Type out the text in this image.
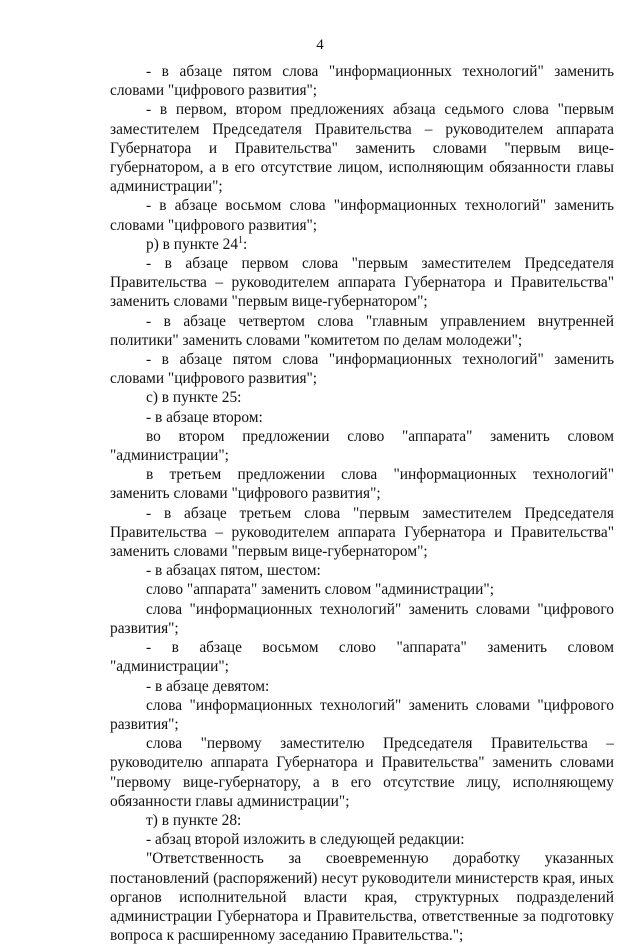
4

- в абзаце пятом слова "информационных технологий" заменить словами "цифрового развития";

- в первом, втором предложениях абзаца седьмого слова "первым заместителем Председателя Правительства – руководителем аппарата Губернатора и Правительства" заменить словами "первым вице-губернатором, а в его отсутствие лицом, исполняющим обязанности главы администрации";

- в абзаце восьмом слова "информационных технологий" заменить словами "цифрового развития";

р) в пункте $24^1$:

- в абзаце первом слова "первым заместителем Председателя Правительства – руководителем аппарата Губернатора и Правительства" заменить словами "первым вице-губернатором";

- в абзаце четвертом слова "главным управлением внутренней политики" заменить словами "комитетом по делам молодежи";

- в абзаце пятом слова "информационных технологий" заменить словами "цифрового развития";

с) в пункте 25:

- в абзаце втором:

во втором предложении слово "аппарата" заменить словом "администрации";

в третьем предложении слова "информационных технологий" заменить словами "цифрового развития";

- в абзаце третьем слова "первым заместителем Председателя Правительства – руководителем аппарата Губернатора и Правительства" заменить словами "первым вице-губернатором";

- в абзацах пятом, шестом:

слово "аппарата" заменить словом "администрации";

слова "информационных технологий" заменить словами "цифрового развития";

- в абзаце восьмом слово "аппарата" заменить словом "администрации";

- в абзаце девятом:

слова "информационных технологий" заменить словами "цифрового развития";

слова "первому заместителю Председателя Правительства – руководителю аппарата Губернатора и Правительства" заменить словами "первому вице-губернатору, а в его отсутствие лицу, исполняющему обязанности главы администрации";

т) в пункте 28:

- абзац второй изложить в следующей редакции:

"Ответственность за своевременную доработку указанных постановлений (распоряжений) несут руководители министерств края, иных органов исполнительной власти края, структурных подразделений администрации Губернатора и Правительства, ответственные за подготовку вопроса к расширенному заседанию Правительства.";
